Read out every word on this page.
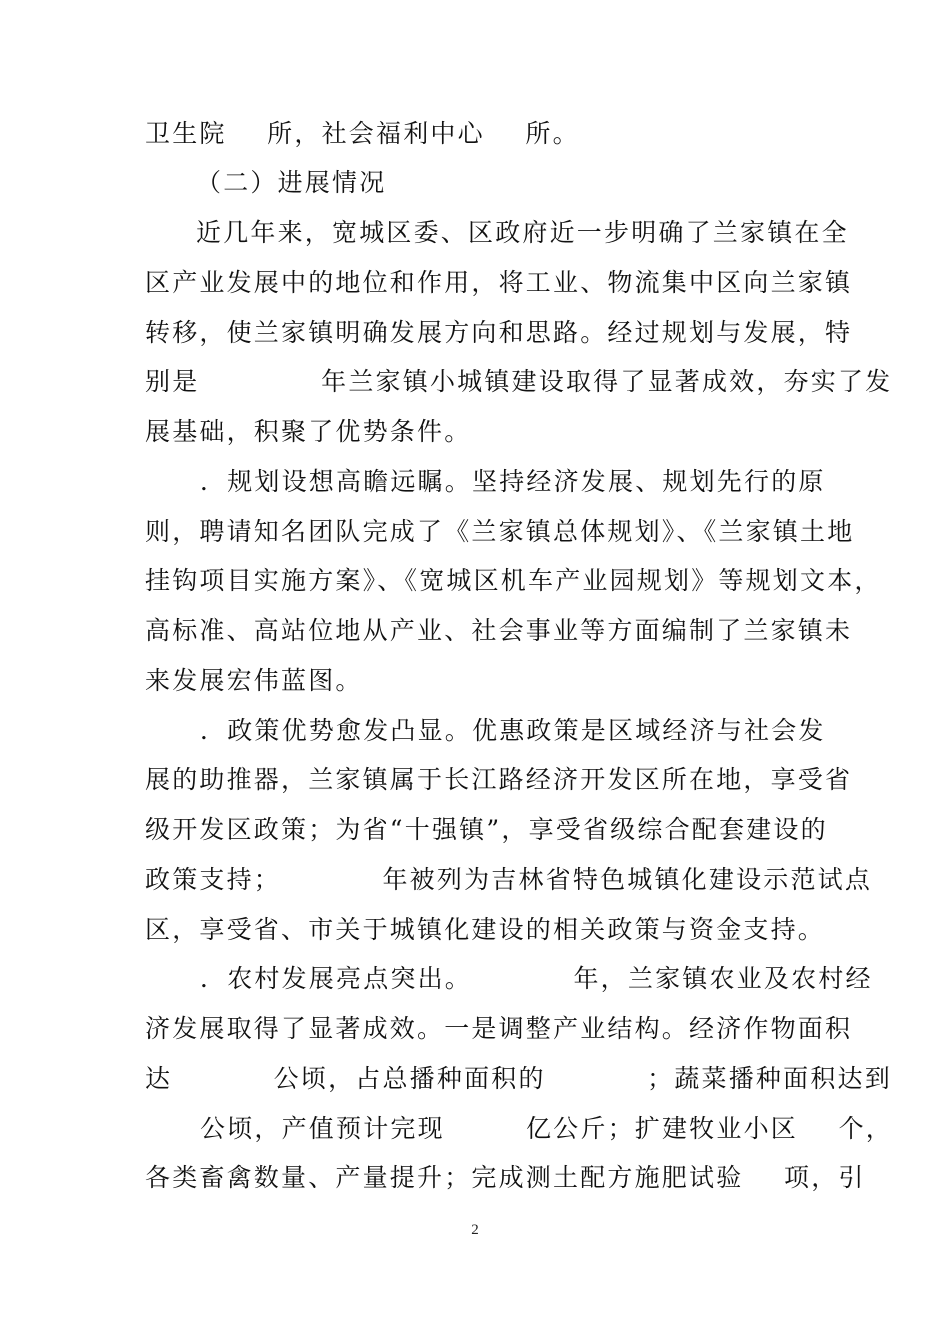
卫生院    所，社会福利中心    所。
（二）进展情况
近几年来，宽城区委、区政府近一步明确了兰家镇在全
区产业发展中的地位和作用，将工业、物流集中区向兰家镇
转移，使兰家镇明确发展方向和思路。经过规划与发展，特
别是            年兰家镇小城镇建设取得了显著成效，夯实了发
展基础，积聚了优势条件。
．规划设想高瞻远瞩。坚持经济发展、规划先行的原
则，聘请知名团队完成了《兰家镇总体规划》、《兰家镇土地
挂钩项目实施方案》、《宽城区机车产业园规划》等规划文本，
高标准、高站位地从产业、社会事业等方面编制了兰家镇未
来发展宏伟蓝图。
．政策优势愈发凸显。优惠政策是区域经济与社会发
展的助推器，兰家镇属于长江路经济开发区所在地，享受省
级开发区政策；为省“十强镇”，享受省级综合配套建设的
政策支持；          年被列为吉林省特色城镇化建设示范试点
区，享受省、市关于城镇化建设的相关政策与资金支持。
．农村发展亮点突出。          年，兰家镇农业及农村经
济发展取得了显著成效。一是调整产业结构。经济作物面积
达          公顷，占总播种面积的          ；蔬菜播种面积达到
公顷，产值预计完现        亿公斤；扩建牧业小区    个，
各类畜禽数量、产量提升；完成测土配方施肥试验    项，引
2
